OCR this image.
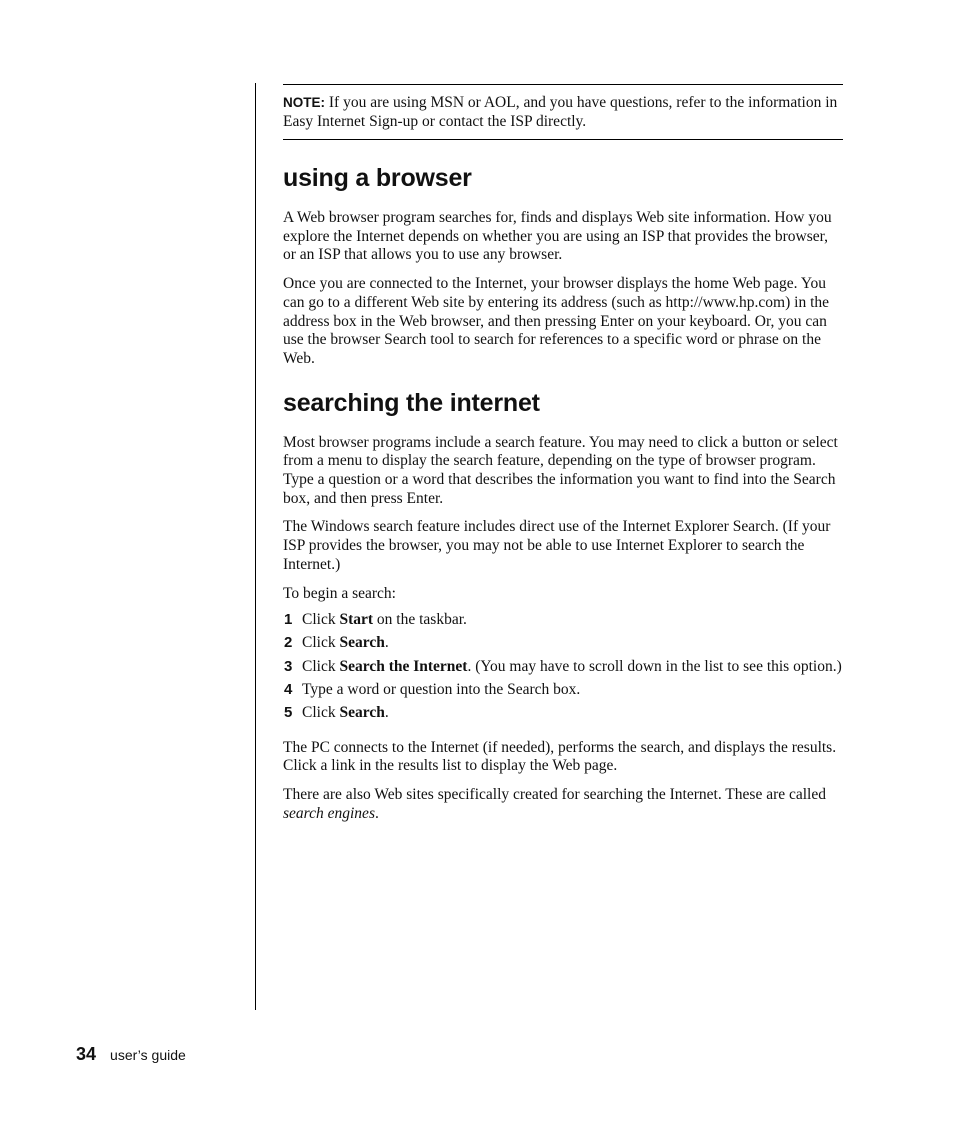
NOTE: If you are using MSN or AOL, and you have questions, refer to the information in Easy Internet Sign-up or contact the ISP directly.
using a browser

A Web browser program searches for, finds and displays Web site information. How you explore the Internet depends on whether you are using an ISP that provides the browser, or an ISP that allows you to use any browser.

Once you are connected to the Internet, your browser displays the home Web page. You can go to a different Web site by entering its address (such as http://www.hp.com) in the address box in the Web browser, and then pressing Enter on your keyboard. Or, you can use the browser Search tool to search for references to a specific word or phrase on the Web.

searching the internet

Most browser programs include a search feature. You may need to click a button or select from a menu to display the search feature, depending on the type of browser program. Type a question or a word that describes the information you want to find into the Search box, and then press Enter.

The Windows search feature includes direct use of the Internet Explorer Search. (If your ISP provides the browser, you may not be able to use Internet Explorer to search the Internet.)

To begin a search:

1 Click Start on the taskbar.
2 Click Search.
3 Click Search the Internet. (You may have to scroll down in the list to see this option.)
4 Type a word or question into the Search box.
5 Click Search.

The PC connects to the Internet (if needed), performs the search, and displays the results. Click a link in the results list to display the Web page.

There are also Web sites specifically created for searching the Internet. These are called search engines.

34 user’s guide
